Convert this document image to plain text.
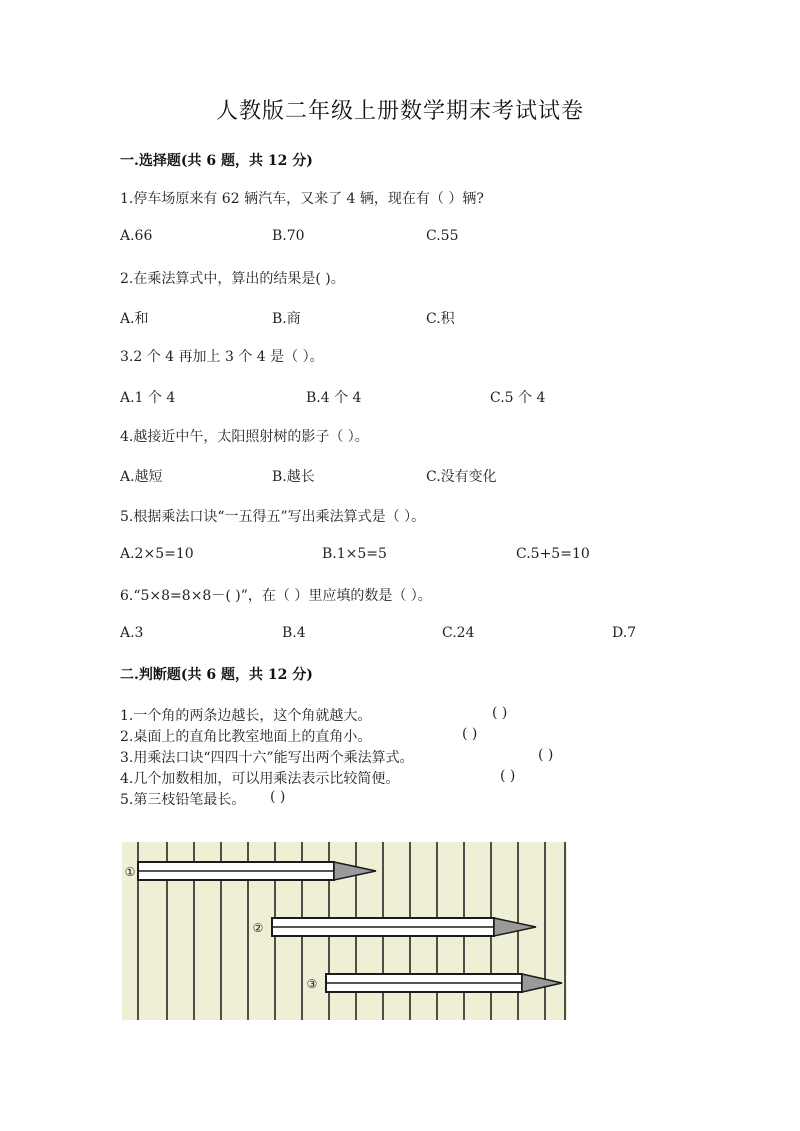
人教版二年级上册数学期末考试试卷
一.选择题(共 6 题，共 12 分)
1.停车场原来有 62 辆汽车，又来了 4 辆，现在有（ ）辆?
A.66	B.70	C.55
2.在乘法算式中，算出的结果是( )。
A.和	B.商	C.积
3.2 个 4 再加上 3 个 4 是（ ）。
A.1 个 4	B.4 个 4	C.5 个 4
4.越接近中午，太阳照射树的影子（ ）。
A.越短	B.越长	C.没有变化
5.根据乘法口诀“一五得五”写出乘法算式是（ ）。
A.2×5=10	B.1×5=5	C.5+5=10
6.“5×8=8×8－( )”，在（ ）里应填的数是（ ）。
A.3	B.4	C.24	D.7
二.判断题(共 6 题，共 12 分)
1.一个角的两条边越长，这个角就越大。	( )
2.桌面上的直角比教室地面上的直角小。	( )
3.用乘法口诀“四四十六”能写出两个乘法算式。	( )
4.几个加数相加，可以用乘法表示比较简便。	( )
5.第三枝铅笔最长。 ( )
①
②
③
